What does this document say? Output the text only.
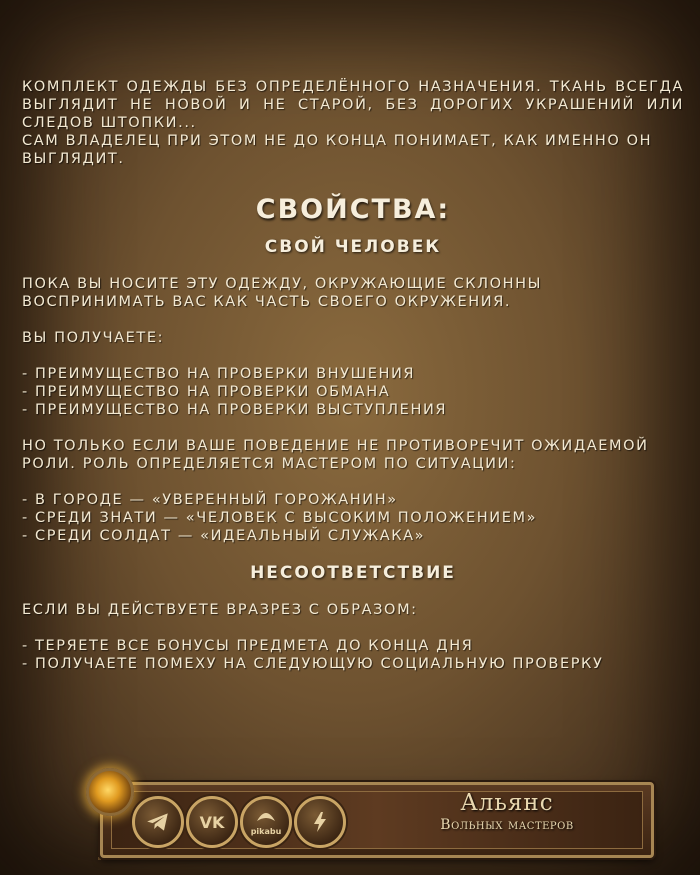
КОМПЛЕКТ ОДЕЖДЫ БЕЗ ОПРЕДЕЛЁННОГО НАЗНАЧЕНИЯ. ТКАНЬ ВСЕГДА ВЫГЛЯДИТ НЕ НОВОЙ И НЕ СТАРОЙ, БЕЗ ДОРОГИХ УКРАШЕНИЙ ИЛИ СЛЕДОВ ШТОПКИ...

САМ ВЛАДЕЛЕЦ ПРИ ЭТОМ НЕ ДО КОНЦА ПОНИМАЕТ, КАК ИМЕННО ОН ВЫГЛЯДИТ.

СВОЙСТВА:
СВОЙ ЧЕЛОВЕК

ПОКА ВЫ НОСИТЕ ЭТУ ОДЕЖДУ, ОКРУЖАЮЩИЕ СКЛОННЫ ВОСПРИНИМАТЬ ВАС КАК ЧАСТЬ СВОЕГО ОКРУЖЕНИЯ.

ВЫ ПОЛУЧАЕТЕ:

- ПРЕИМУЩЕСТВО НА ПРОВЕРКИ ВНУШЕНИЯ
- ПРЕИМУЩЕСТВО НА ПРОВЕРКИ ОБМАНА
- ПРЕИМУЩЕСТВО НА ПРОВЕРКИ ВЫСТУПЛЕНИЯ

НО ТОЛЬКО ЕСЛИ ВАШЕ ПОВЕДЕНИЕ НЕ ПРОТИВОРЕЧИТ ОЖИДАЕМОЙ РОЛИ. РОЛЬ ОПРЕДЕЛЯЕТСЯ МАСТЕРОМ ПО СИТУАЦИИ:

- В ГОРОДЕ — «УВЕРЕННЫЙ ГОРОЖАНИН»
- СРЕДИ ЗНАТИ — «ЧЕЛОВЕК С ВЫСОКИМ ПОЛОЖЕНИЕМ»
- СРЕДИ СОЛДАТ — «ИДЕАЛЬНЫЙ СЛУЖАКА»
НЕСООТВЕТСТВИЕ

ЕСЛИ ВЫ ДЕЙСТВУЕТЕ ВРАЗРЕЗ С ОБРАЗОМ:

- ТЕРЯЕТЕ ВСЕ БОНУСЫ ПРЕДМЕТА ДО КОНЦА ДНЯ
- ПОЛУЧАЕТЕ ПОМЕХУ НА СЛЕДУЮЩУЮ СОЦИАЛЬНУЮ ПРОВЕРКУ
VK	pikabu
Альянс
Вольных мастеров
